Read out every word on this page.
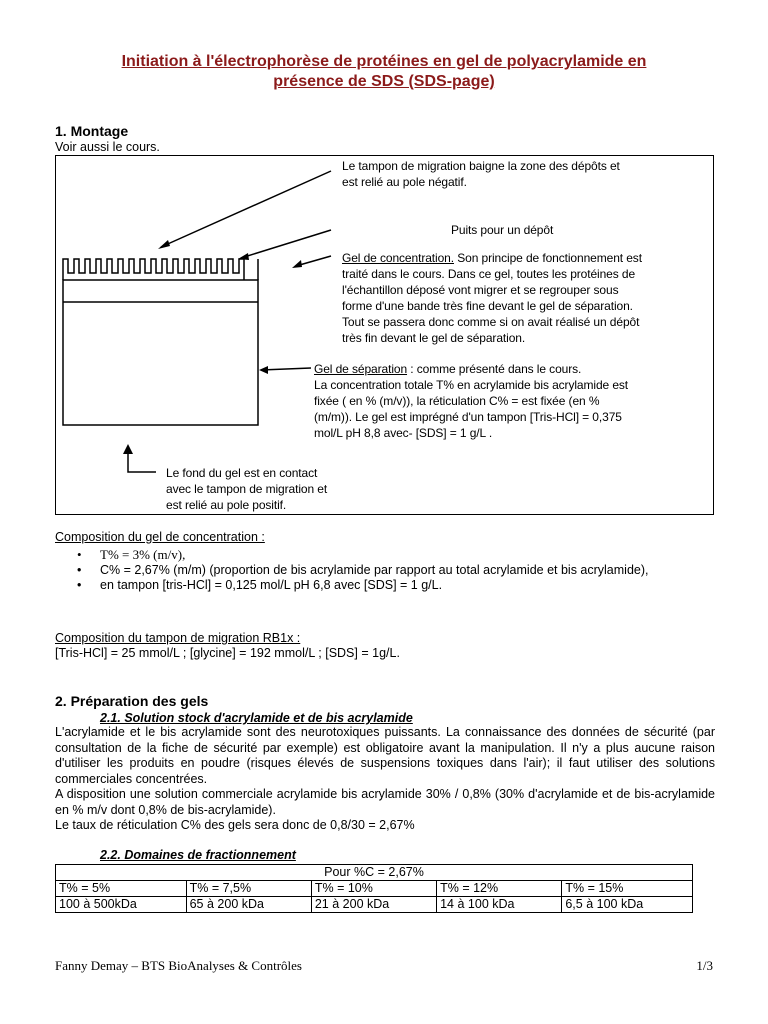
Initiation à l'électrophorèse de protéines en gel de polyacrylamide en
présence de SDS (SDS-page)
1. Montage
Voir aussi le cours.
Le tampon de migration baigne la zone des dépôts et
est relié au pole négatif.
Puits pour un dépôt
Gel de concentration. Son principe de fonctionnement est
traité dans le cours. Dans ce gel, toutes les protéines de
l'échantillon déposé vont migrer et se regrouper sous
forme d'une bande très fine devant le gel de séparation.
Tout se passera donc comme si on avait réalisé un dépôt
très fin devant le gel de séparation.
Gel de séparation : comme présenté dans le cours.
La concentration totale T% en acrylamide bis acrylamide est
fixée ( en % (m/v)), la réticulation C% = est fixée (en %
(m/m)). Le gel est imprégné d'un tampon [Tris-HCl] = 0,375
mol/L pH 8,8 avec- [SDS] = 1 g/L .
Le fond du gel est en contact
avec le tampon de migration et
est relié au pole positif.
Composition du gel de concentration :
• T% = 3% (m/v),
• C% = 2,67% (m/m) (proportion de bis acrylamide par rapport au total acrylamide et bis acrylamide),
• en tampon [tris-HCl] = 0,125 mol/L pH 6,8 avec [SDS] = 1 g/L.
Composition du tampon de migration RB1x :
[Tris-HCl] = 25 mmol/L ; [glycine] = 192 mmol/L ; [SDS] = 1g/L.
2. Préparation des gels
2.1. Solution stock d'acrylamide et de bis acrylamide
L'acrylamide et le bis acrylamide sont des neurotoxiques puissants. La connaissance des données de sécurité (par consultation de la fiche de sécurité par exemple) est obligatoire avant la manipulation. Il n'y a plus aucune raison d'utiliser les produits en poudre (risques élevés de suspensions toxiques dans l'air); il faut utiliser des solutions commerciales concentrées.
A disposition une solution commerciale acrylamide bis acrylamide 30% / 0,8% (30% d'acrylamide et de bis-acrylamide en % m/v dont 0,8% de bis-acrylamide).
Le taux de réticulation C% des gels sera donc de 0,8/30 = 2,67%
2.2. Domaines de fractionnement
Pour %C = 2,67%				
T% = 5%	T% = 7,5%	T% = 10%	T% = 12%	T% = 15%
100 à 500kDa	65 à 200 kDa	21 à 200 kDa	14 à 100 kDa	6,5 à 100 kDa
Fanny Demay – BTS BioAnalyses & Contrôles	1/3
